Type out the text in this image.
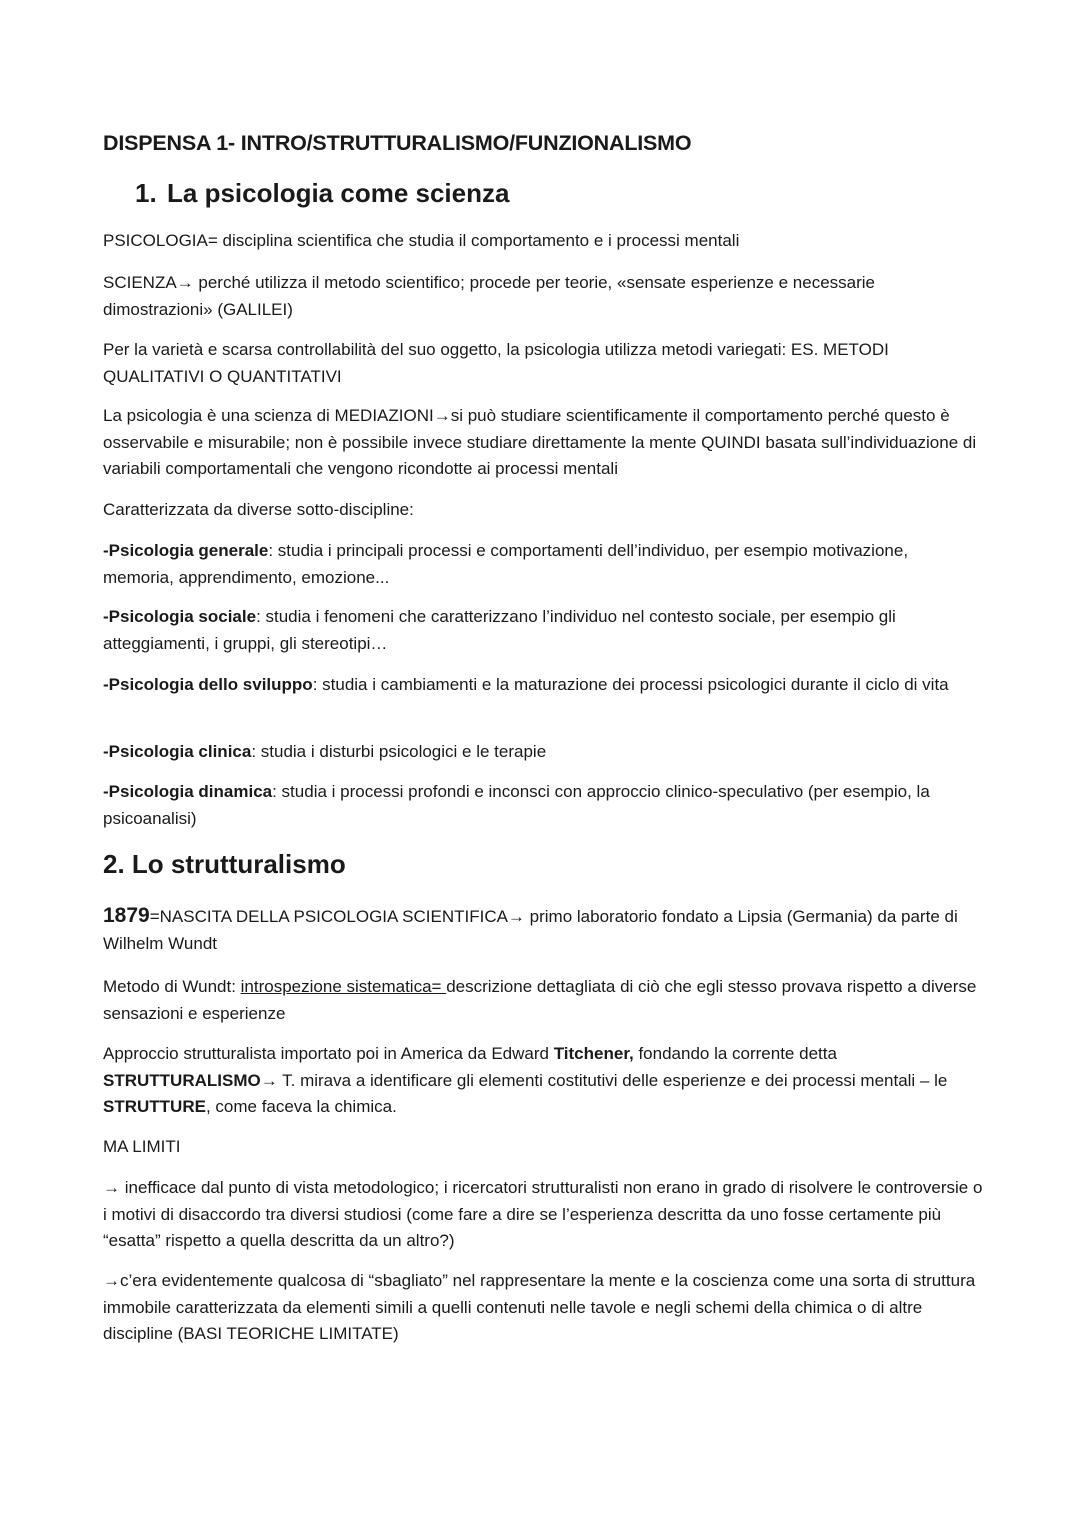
DISPENSA 1- INTRO/STRUTTURALISMO/FUNZIONALISMO
1. La psicologia come scienza

PSICOLOGIA= disciplina scientifica che studia il comportamento e i processi mentali

SCIENZA→ perché utilizza il metodo scientifico; procede per teorie, «sensate esperienze e necessarie dimostrazioni» (GALILEI)

Per la varietà e scarsa controllabilità del suo oggetto, la psicologia utilizza metodi variegati: ES. METODI QUALITATIVI O QUANTITATIVI

La psicologia è una scienza di MEDIAZIONI→si può studiare scientificamente il comportamento perché questo è osservabile e misurabile; non è possibile invece studiare direttamente la mente QUINDI basata sull’individuazione di variabili comportamentali che vengono ricondotte ai processi mentali

Caratterizzata da diverse sotto-discipline:

-Psicologia generale: studia i principali processi e comportamenti dell’individuo, per esempio motivazione, memoria, apprendimento, emozione...

-Psicologia sociale: studia i fenomeni che caratterizzano l’individuo nel contesto sociale, per esempio gli atteggiamenti, i gruppi, gli stereotipi…

-Psicologia dello sviluppo: studia i cambiamenti e la maturazione dei processi psicologici durante il ciclo di vita

-Psicologia clinica: studia i disturbi psicologici e le terapie

-Psicologia dinamica: studia i processi profondi e inconsci con approccio clinico-speculativo (per esempio, la psicoanalisi)

2. Lo strutturalismo

1879=NASCITA DELLA PSICOLOGIA SCIENTIFICA→ primo laboratorio fondato a Lipsia (Germania) da parte di Wilhelm Wundt

Metodo di Wundt: introspezione sistematica= descrizione dettagliata di ciò che egli stesso provava rispetto a diverse sensazioni e esperienze

Approccio strutturalista importato poi in America da Edward Titchener, fondando la corrente detta STRUTTURALISMO→ T. mirava a identificare gli elementi costitutivi delle esperienze e dei processi mentali – le STRUTTURE, come faceva la chimica.

MA LIMITI

→ inefficace dal punto di vista metodologico; i ricercatori strutturalisti non erano in grado di risolvere le controversie o i motivi di disaccordo tra diversi studiosi (come fare a dire se l’esperienza descritta da uno fosse certamente più “esatta” rispetto a quella descritta da un altro?)

→c’era evidentemente qualcosa di “sbagliato” nel rappresentare la mente e la coscienza come una sorta di struttura immobile caratterizzata da elementi simili a quelli contenuti nelle tavole e negli schemi della chimica o di altre discipline (BASI TEORICHE LIMITATE)
